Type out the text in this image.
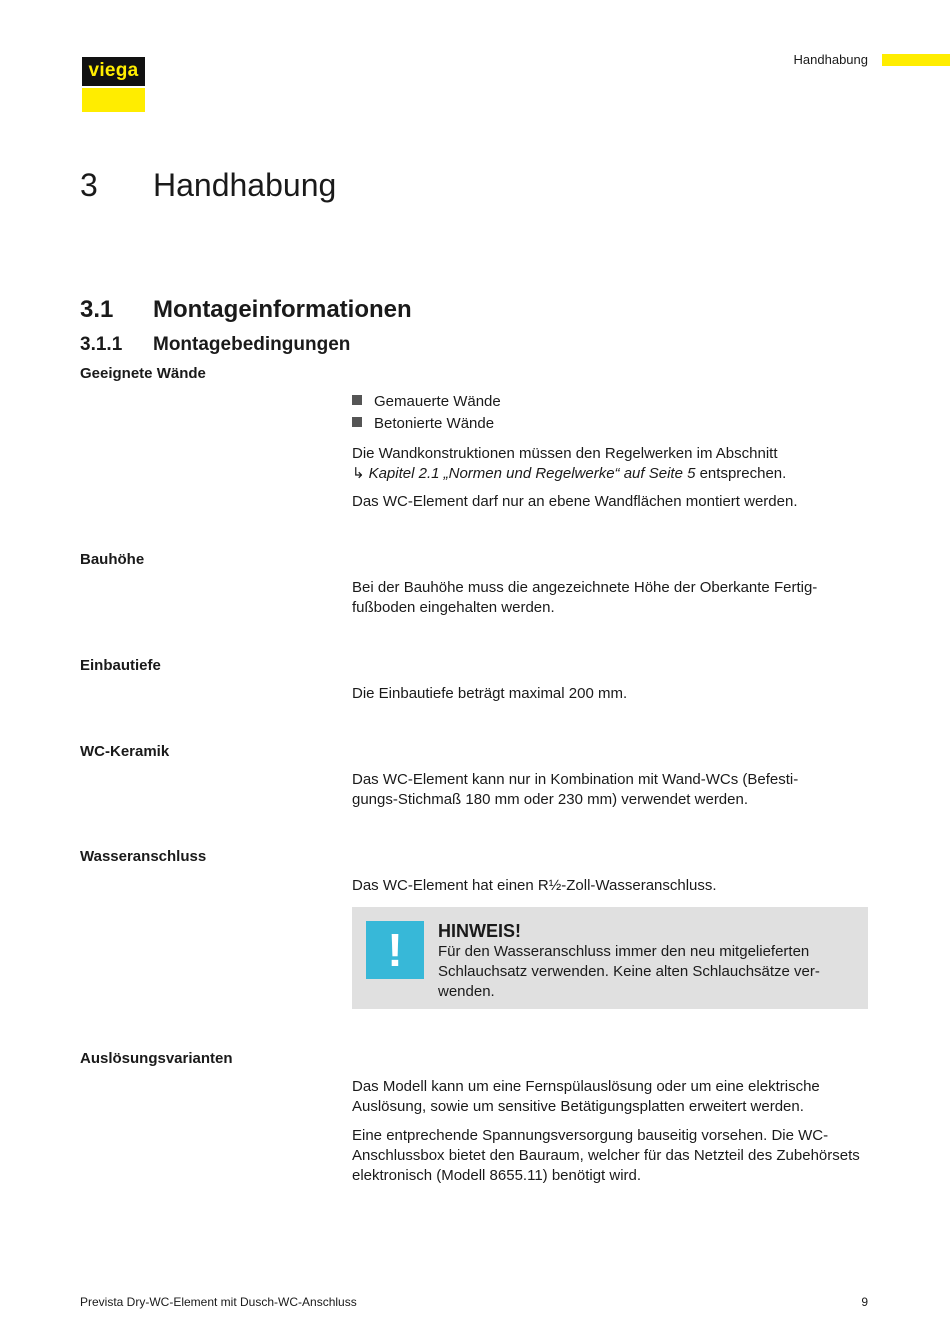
viega
Handhabung
3 Handhabung
3.1 Montageinformationen
3.1.1 Montagebedingungen
Geeignete Wände
Gemauerte Wände
Betonierte Wände

Die Wandkonstruktionen müssen den Regelwerken im Abschnitt
↳ Kapitel 2.1 „Normen und Regelwerke“ auf Seite 5 entsprechen.

Das WC-Element darf nur an ebene Wandflächen montiert werden.

Bauhöhe

Bei der Bauhöhe muss die angezeichnete Höhe der Oberkante Fertig-fußboden eingehalten werden.

Einbautiefe

Die Einbautiefe beträgt maximal 200 mm.

WC-Keramik

Das WC-Element kann nur in Kombination mit Wand-WCs (Befesti-gungs-Stichmaß 180 mm oder 230 mm) verwendet werden.

Wasseranschluss

Das WC-Element hat einen R½-Zoll-Wasseranschluss.

!	HINWEIS!

Für den Wasseranschluss immer den neu mitgelieferten Schlauchsatz verwenden. Keine alten Schlauchsätze ver-wenden.

Auslösungsvarianten

Das Modell kann um eine Fernspülauslösung oder um eine elektrische Auslösung, sowie um sensitive Betätigungsplatten erweitert werden.

Eine entprechende Spannungsversorgung bauseitig vorsehen. Die WC-Anschlussbox bietet den Bauraum, welcher für das Netzteil des Zubehörsets elektronisch (Modell 8655.11) benötigt wird.

Prevista Dry-WC-Element mit Dusch-WC-Anschluss	9
